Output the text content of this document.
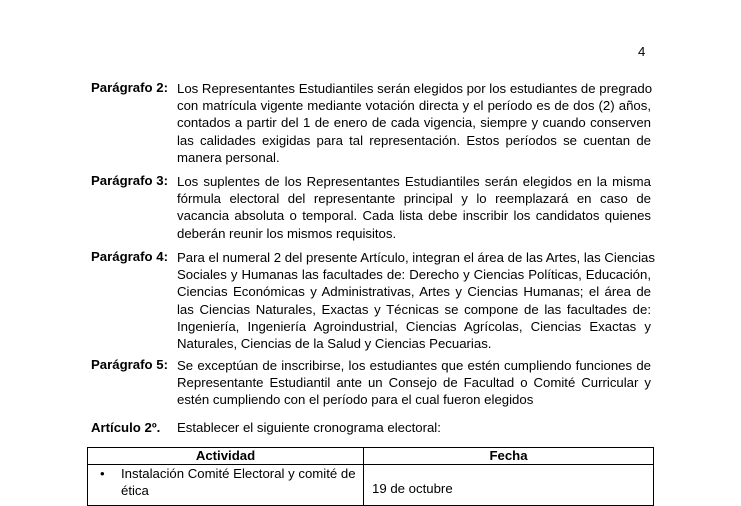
4
Parágrafo 2: Los Representantes Estudiantiles serán elegidos por los estudiantes de pregrado
con matrícula vigente mediante votación directa y el período es de dos (2) años,
contados a partir del 1 de enero de cada vigencia, siempre y cuando conserven
las calidades exigidas para tal representación. Estos períodos se cuentan de
manera personal.
Parágrafo 3: Los suplentes de los Representantes Estudiantiles serán elegidos en la misma
fórmula electoral del representante principal y lo reemplazará en caso de
vacancia absoluta o temporal. Cada lista debe inscribir los candidatos quienes
deberán reunir los mismos requisitos.
Parágrafo 4: Para el numeral 2 del presente Artículo, integran el área de las Artes, las Ciencias
Sociales y Humanas las facultades de: Derecho y Ciencias Políticas, Educación,
Ciencias Económicas y Administrativas, Artes y Ciencias Humanas; el área de
las Ciencias Naturales, Exactas y Técnicas se compone de las facultades de:
Ingeniería, Ingeniería Agroindustrial, Ciencias Agrícolas, Ciencias Exactas y
Naturales, Ciencias de la Salud y Ciencias Pecuarias.
Parágrafo 5: Se exceptúan de inscribirse, los estudiantes que estén cumpliendo funciones de
Representante Estudiantil ante un Consejo de Facultad o Comité Curricular y
estén cumpliendo con el período para el cual fueron elegidos
Artículo 2º. Establecer el siguiente cronograma electoral:
Actividad	Fecha

• Instalación Comité Electoral y comité de
ética	19 de octubre
